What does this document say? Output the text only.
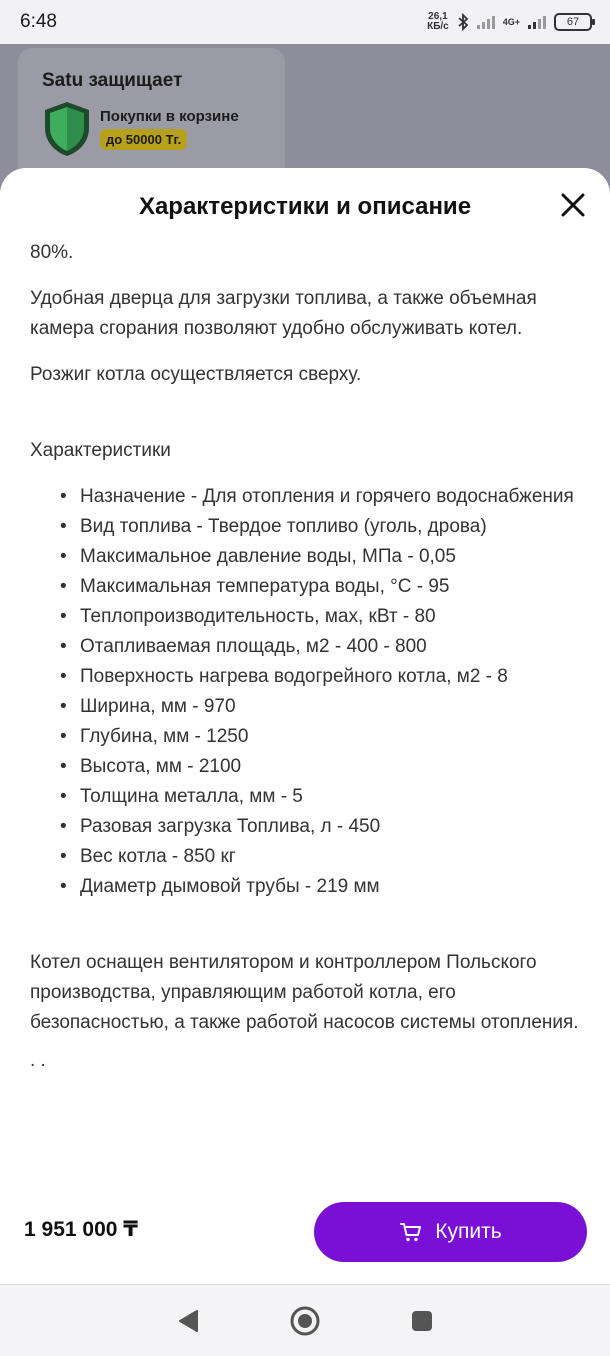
6:48	26,1
КБ/с	4G+	67
Satu защищает
Покупки в корзине
до 50000 Тг.
Характеристики и описание

80%.

Удобная дверца для загрузки топлива, а также объемная камера сгорания позволяют удобно обслуживать котел.

Розжиг котла осуществляется сверху.

Характеристики

• Назначение - Для отопления и горячего водоснабжения
• Вид топлива - Твердое топливо (уголь, дрова)
• Максимальное давление воды, МПа - 0,05
• Максимальная температура воды, °C - 95
• Теплопроизводительность, мах, кВт - 80
• Отапливаемая площадь, м2 - 400 - 800
• Поверхность нагрева водогрейного котла, м2 - 8
• Ширина, мм - 970
• Глубина, мм - 1250
• Высота, мм - 2100
• Толщина металла, мм - 5
• Разовая загрузка Топлива, л - 450
• Вес котла - 850 кг
• Диаметр дымовой трубы - 219 мм

Котел оснащен вентилятором и контроллером Польского производства, управляющим работой котла, его безопасностью, а также работой насосов системы отопления.

. .

1 951 000 ₸	Купить
